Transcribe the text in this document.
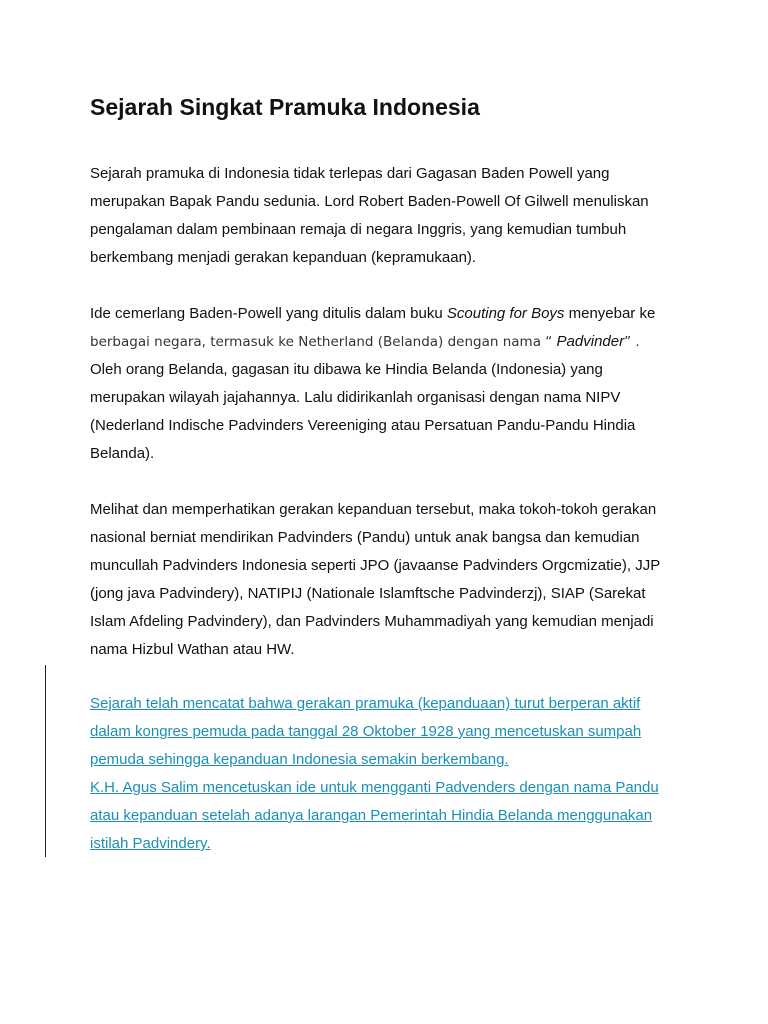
Sejarah Singkat Pramuka Indonesia

Sejarah pramuka di Indonesia tidak terlepas dari Gagasan Baden Powell yang
merupakan Bapak Pandu sedunia. Lord Robert Baden-Powell Of Gilwell menuliskan
pengalaman dalam pembinaan remaja di negara Inggris, yang kemudian tumbuh
berkembang menjadi gerakan kepanduan (kepramukaan).

Ide cemerlang Baden-Powell yang ditulis dalam buku Scouting for Boys menyebar ke
berbagai negara, termasuk ke Netherland (Belanda) dengan nama “ Padvinder” .
Oleh orang Belanda, gagasan itu dibawa ke Hindia Belanda (Indonesia) yang
merupakan wilayah jajahannya. Lalu didirikanlah organisasi dengan nama NIPV
(Nederland Indische Padvinders Vereeniging atau Persatuan Pandu-Pandu Hindia
Belanda).

Melihat dan memperhatikan gerakan kepanduan tersebut, maka tokoh-tokoh gerakan
nasional berniat mendirikan Padvinders (Pandu) untuk anak bangsa dan kemudian
muncullah Padvinders Indonesia seperti JPO (javaanse Padvinders Orgcmizatie), JJP
(jong java Padvindery), NATIPIJ (Nationale Islamftsche Padvinderzj), SIAP (Sarekat
Islam Afdeling Padvindery), dan Padvinders Muhammadiyah yang kemudian menjadi
nama Hizbul Wathan atau HW.

Sejarah telah mencatat bahwa gerakan pramuka (kepanduaan) turut berperan aktif
dalam kongres pemuda pada tanggal 28 Oktober 1928 yang mencetuskan sumpah
pemuda sehingga kepanduan Indonesia semakin berkembang.
K.H. Agus Salim mencetuskan ide untuk mengganti Padvenders dengan nama Pandu
atau kepanduan setelah adanya larangan Pemerintah Hindia Belanda menggunakan
istilah Padvindery.
